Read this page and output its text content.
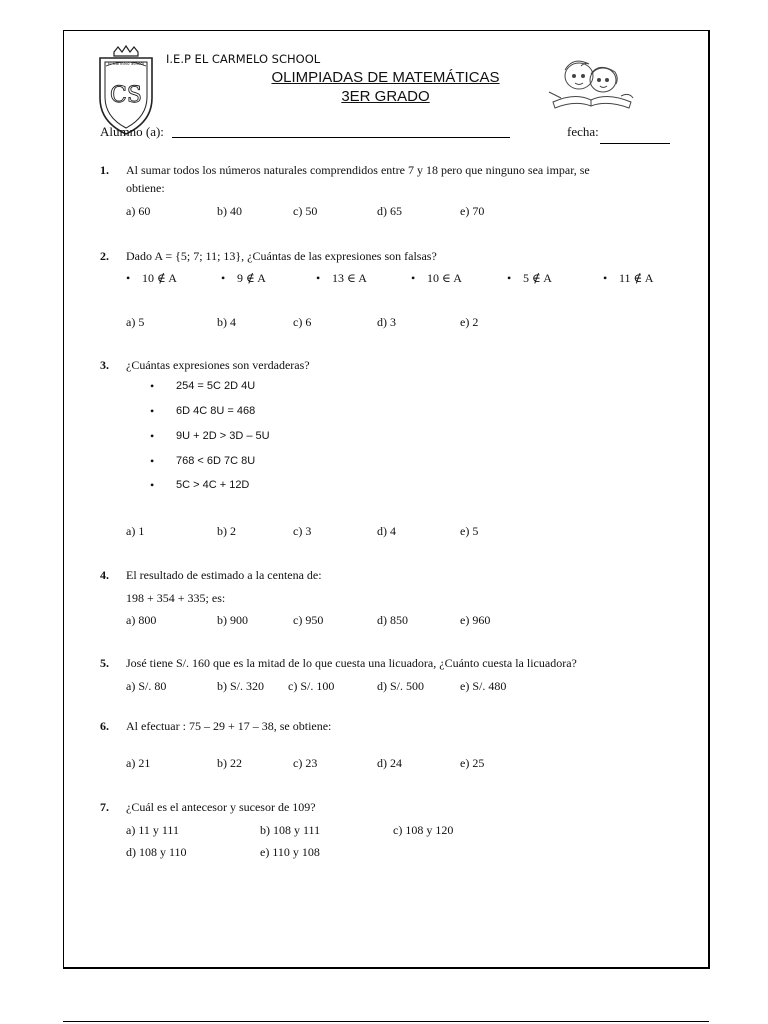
El Carmelo School
CS
I.E.P EL CARMELO SCHOOL
OLIMPIADAS DE MATEMÁTICAS
3ER GRADO
Alumno (a):	fecha:
1. Al sumar todos los números naturales comprendidos entre 7 y 18 pero que ninguno sea impar, se
obtiene:
a) 60	b) 40	c) 50	d) 65	e) 70
2. Dado A = {5; 7; 11; 13}, ¿Cuántas de las expresiones son falsas?
• 10 ∉ A	• 9 ∉ A	• 13 ∈ A	• 10 ∈ A	• 5 ∉ A	• 11 ∉ A
a) 5	b) 4	c) 6	d) 3	e) 2
3. ¿Cuántas expresiones son verdaderas?
• 254 = 5C 2D 4U
• 6D 4C 8U = 468
• 9U + 2D > 3D – 5U
• 768 < 6D 7C 8U
• 5C > 4C + 12D
a) 1	b) 2	c) 3	d) 4	e) 5
4. El resultado de estimado a la centena de:
198 + 354 + 335; es:
a) 800	b) 900	c) 950	d) 850	e) 960
5. José tiene S/. 160 que es la mitad de lo que cuesta una licuadora, ¿Cuánto cuesta la licuadora?
a) S/. 80	b) S/. 320 c) S/. 100	d) S/. 500	e) S/. 480
6. Al efectuar : 75 – 29 + 17 – 38, se obtiene:
a) 21	b) 22	c) 23	d) 24	e) 25
7. ¿Cuál es el antecesor y sucesor de 109?
a) 11 y 111	b) 108 y 111	c) 108 y 120
d) 108 y 110	e) 110 y 108
